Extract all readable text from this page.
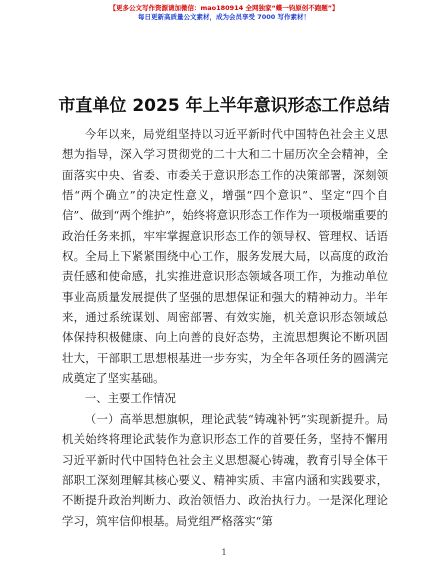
【更多公文写作资源请加微信：mao180914 全网独家“蝶一钧原创不跑题”】
每日更新高质量公文素材，成为会员享受 7000 写作素材！
市直单位 2025 年上半年意识形态工作总结

今年以来，局党组坚持以习近平新时代中国特色社会主义思想为指导，深入学习贯彻党的二十大和二十届历次全会精神，全面落实中央、省委、市委关于意识形态工作的决策部署，深刻领悟“两个确立”的决定性意义，增强“四个意识”、坚定“四个自信”、做到“两个维护”，始终将意识形态工作作为一项极端重要的政治任务来抓，牢牢掌握意识形态工作的领导权、管理权、话语权。全局上下紧紧围绕中心工作，服务发展大局，以高度的政治责任感和使命感，扎实推进意识形态领域各项工作，为推动单位事业高质量发展提供了坚强的思想保证和强大的精神动力。半年来，通过系统谋划、周密部署、有效实施，机关意识形态领域总体保持积极健康、向上向善的良好态势，主流思想舆论不断巩固壮大，干部职工思想根基进一步夯实，为全年各项任务的圆满完成奠定了坚实基础。

一、主要工作情况

（一）高举思想旗帜，理论武装“铸魂补钙”实现新提升。局机关始终将理论武装作为意识形态工作的首要任务，坚持不懈用习近平新时代中国特色社会主义思想凝心铸魂，教育引导全体干部职工深刻理解其核心要义、精神实质、丰富内涵和实践要求，不断提升政治判断力、政治领悟力、政治执行力。一是深化理论学习，筑牢信仰根基。局党组严格落实“第

1
